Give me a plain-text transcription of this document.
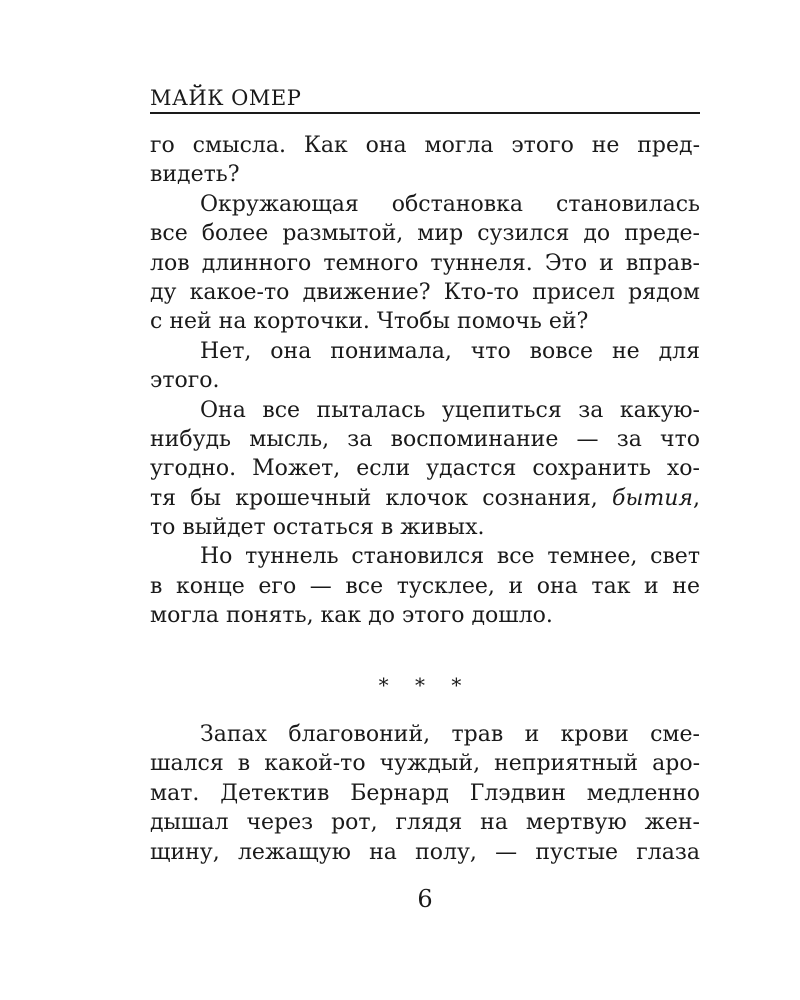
МАЙК ОМЕР
го смысла. Как она могла этого не пред-
видеть?
Окружающая обстановка становилась
все более размытой, мир сузился до преде-
лов длинного темного туннеля. Это и вправ-
ду какое-то движение? Кто-то присел рядом
с ней на корточки. Чтобы помочь ей?
Нет, она понимала, что вовсе не для
этого.
Она все пыталась уцепиться за какую-
нибудь мысль, за воспоминание — за что
угодно. Может, если удастся сохранить хо-
тя бы крошечный клочок сознания, бытия,
то выйдет остаться в живых.
Но туннель становился все темнее, свет
в конце его — все тусклее, и она так и не
могла понять, как до этого дошло.
* * *
Запах благовоний, трав и крови сме-
шался в какой-то чуждый, неприятный аро-
мат. Детектив Бернард Глэдвин медленно
дышал через рот, глядя на мертвую жен-
щину, лежащую на полу, — пустые глаза
6
